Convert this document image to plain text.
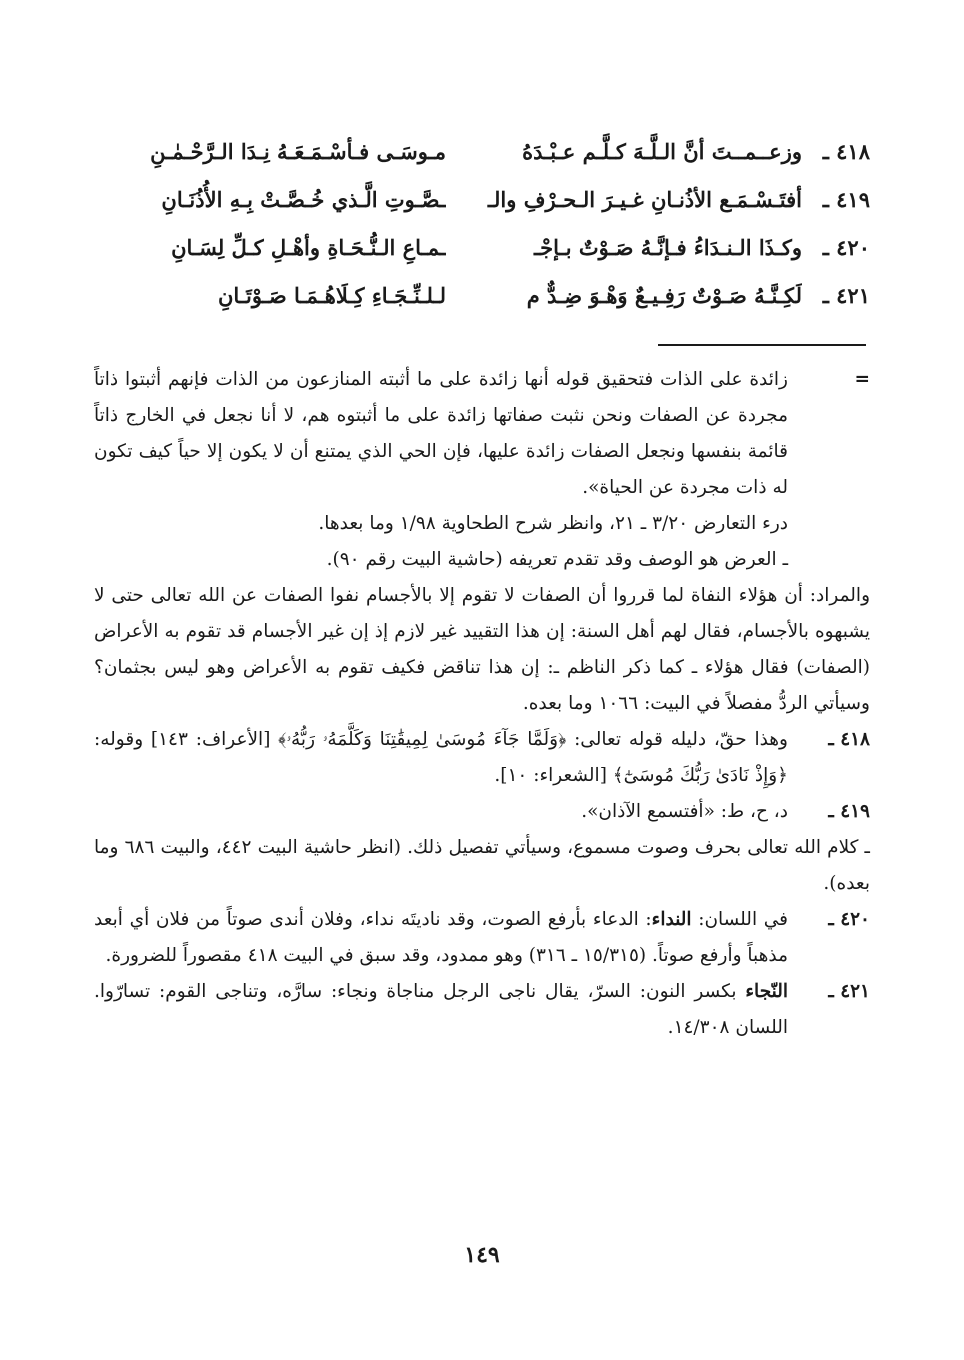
٤١٨ ـ
وزعــمــتَ أنَّ الـلَّـهَ كـلَّـم عـبْـدَهُ
مـوسَـى فـأسْـمَـعَـهُ نِـدَا الـرَّحْـمٰـنِ
٤١٩ ـ
أفتَـسْـمَـع الأذُنـانِ غـيـرَ الـحـرْفِ والـ
ـصَّـوتِ الَّـذي خُـصَّـتْ بِـهِ الأُذُنَـانِ
٤٢٠ ـ
وكـذَا الـنـدَاءُ فـإنَّـهُ صَـوْتٌ بـإجْـ
ـمـاعِ الـنُّـحَـاةِ وأهْـلِ كـلِّ لِسَـانِ
٤٢١ ـ
لَكِـنَّـهُ صَـوْتٌ رَفِـيـعٌ وَهْـوَ ضِـدٌّ م
لـلـنِّـجَـاءِ كِـلَاهُـمَـا صَـوْتَـانِ
=
زائدة على الذات فتحقيق قوله أنها زائدة على ما أثبته المنازعون من الذات فإنهم أثبتوا ذاتاً مجردة عن الصفات ونحن نثبت صفاتها زائدة على ما أثبتوه هم، لا أنا نجعل في الخارج ذاتاً قائمة بنفسها ونجعل الصفات زائدة عليها، فإن الحي الذي يمتنع أن لا يكون إلا حياً كيف تكون له ذات مجردة عن الحياة».
درء التعارض ٣/٢٠ ـ ٢١، وانظر شرح الطحاوية ١/٩٨ وما بعدها.
ـ العرض هو الوصف وقد تقدم تعريفه (حاشية البيت رقم ٩٠).
والمراد: أن هؤلاء النفاة لما قرروا أن الصفات لا تقوم إلا بالأجسام نفوا الصفات عن الله تعالى حتى لا يشبهوه بالأجسام، فقال لهم أهل السنة: إن هذا التقييد غير لازم إذ إن غير الأجسام قد تقوم به الأعراض (الصفات) فقال هؤلاء ـ كما ذكر الناظم ـ: إن هذا تناقض فكيف تقوم به الأعراض وهو ليس بجثمان؟ وسيأتي الردُّ مفصلاً في البيت: ١٠٦٦ وما بعده.
٤١٨ ـ
وهذا حقّ، دليله قوله تعالى: ﴿وَلَمَّا جَآءَ مُوسَىٰ لِمِيقَٰتِنَا وَكَلَّمَهُۥ رَبُّهُۥ﴾ [الأعراف: ١٤٣] وقوله: ﴿وَإِذْ نَادَىٰ رَبُّكَ مُوسَىٰٓ﴾ [الشعراء: ١٠].
٤١٩ ـ
د، ح، ط: «أفتسمع الآذان».
ـ كلام الله تعالى بحرف وصوت مسموع، وسيأتي تفصيل ذلك. (انظر حاشية البيت ٤٤٢، والبيت ٦٨٦ وما بعده).
٤٢٠ ـ
في اللسان: النداء: الدعاء بأرفع الصوت، وقد ناديتَه نداء، وفلان أندى صوتاً من فلان أي أبعد مذهباً وأرفع صوتاً. (١٥/٣١٥ ـ ٣١٦) وهو ممدود، وقد سبق في البيت ٤١٨ مقصوراً للضرورة.
٤٢١ ـ
النّجاء بكسر النون: السرّ، يقال ناجى الرجل مناجاة ونجاء: سارَّه، وتناجى القوم: تسارّوا. اللسان ١٤/٣٠٨.
١٤٩
